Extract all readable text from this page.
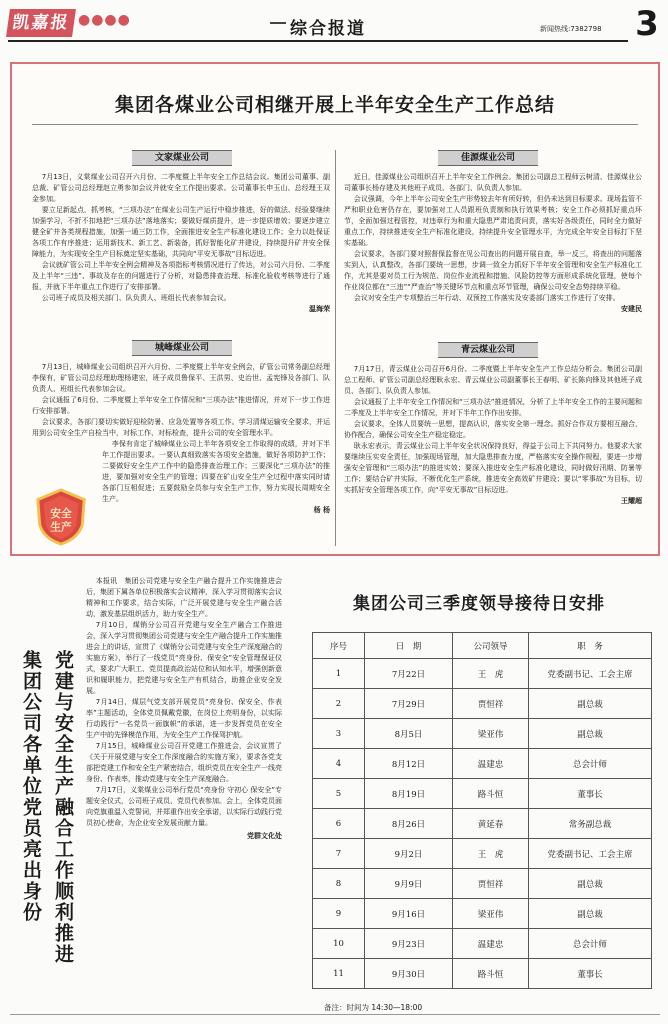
凯嘉报 ●●●●	综合报道	新闻热线:7382798 3
集团各煤业公司相继开展上半年安全生产工作总结
文家煤业公司

7月13日，义棠煤业公司召开六月份、二季度暨上半年安全工作总结会议。集团公司董事、副总裁、矿管公司总经理赵立勇参加会议并就安全工作提出要求。公司董事长申玉山、总经理王双金参加。

要立足新起点，抓考核，“三项办法”在煤业公司生产运行中稳步推进，好的做法、经验要继续加强学习，不折不扣地把“三项办法”落地落实；要做好煤质提升，进一步提质增效；要逐步建立健全矿井各类规程措施，加强一通三防工作，全面推进安全生产标准化建设工作；全力以赴保证各项工作有序推进；运用新技术、新工艺、新装备，抓好智能化矿井建设，持续提升矿井安全保障能力，为实现安全生产目标奠定坚实基础，共同向“平安无事故”目标迈进。

会议就矿管公司上半年安全例会精神及各项指标考核情况进行了传达，对公司六月份、二季度及上半年“三违”、事故及存在的问题进行了分析，对隐患排查治理、标准化验收考核等进行了通报，并就下半年重点工作进行了安排部署。

公司班子成员及相关部门、队负责人、班组长代表参加会议。

温海荣
城峰煤业公司

7月13日，城峰煤业公司组织召开六月份、二季度暨上半年安全例会，矿管公司常务副总经理李保有，矿管公司总经理助理杨建宏，班子成员鲁保平、王洪男、史治世、孟宪锋及各部门、队负责人、班组长代表参加会议。

会议通报了6月份、二季度暨上半年安全工作情况和“三项办法”推进情况，并对下一步工作进行安排部署。

会议要求，各部门要切实做好迎检防暑、应急处置等各项工作。学习清煤运输安全要求，并运用到公司安全生产自检当中，对标工作、对标检查，提升公司的安全管理水平。

李保有肯定了城峰煤业公司上半年各项安全工作取得的成绩，并对下半年工作提出要求。一要认真细致落实各项安全措施，做好各项防护工作；二要做好安全生产工作中的隐患排查治理工作；三要深化“三项办法”的推进，要加强对安全生产的管理；四要在矿山安全生产全过程中落实同时请各部门互相促进；五要鼓励全员参与安全生产工作，努力实现长周期安全生产。

杨 杨
佳源煤业公司

近日，佳源煤业公司组织召开上半年安全工作例会。集团公司副总工程师云树清、佳源煤业公司董事长杨存建及其他班子成员、各部门、队负责人参加。

会议强调，今年上半年公司安全生产形势较去年有所好转，但仍未达到目标要求。现场监管不严和职业危害仍存在，要加强对工人员跟班负责制和执行效果考核；安全工作必须抓好重点环节，全面加强过程管控，对违章行为和重大隐患严肃追责问责，落实好各级责任，同时全力做好重点工作，持续推进安全生产标准化建设，持续提升安全管理水平，为完成全年安全目标打下坚实基础。

会议要求，各部门要对照督保监督在见公司查出的问题开展自查，举一反三，将查出的问题落实到人，认真整改，各部门要统一思想，步调一致全力抓好下半年安全管理和安全生产标准化工作，尤其是要对员工行为规范、岗位作业流程和措施、风险防控等方面形成系统化管理，使每个作业岗位都在“三违”“严查治”等关键环节点和重点环节管理，确保公司安全态势持续平稳。

会议对安全生产专项整治三年行动、双预控工作落实及安委部门落实工作进行了安排。

安建民
青云煤业公司

7月17日，青云煤业公司召开6月份、二季度暨上半年安全生产工作总结分析会。集团公司副总工程师、矿管公司副总经理耿永宏、青云煤业公司副董事长王春明、矿长陈向锋及其他班子成员、各部门、队负责人参加。

会议通报了上半年安全工作情况和“三项办法”推进情况，分析了上半年安全工作的主要问题和二季度及上半年安全工作情况，并对下半年工作作出安排。

会议要求，全体人员要统一思想，提高认识，落实安全第一理念。抓好合作双方要相互融合，协作配合，确保公司安全生产稳定稳定。

耿永宏表示，青云煤业公司上半年安全状况保持良好，得益于公司上下共同努力。他要求大家要继续压实安全责任，加强现场管理，加大隐患排查力度，严格落实安全操作规程，要进一步增强安全管理和“三项办法”的推进实效；要深入推进安全生产标准化建设，同时做好汛期、防暑等工作；要结合矿井实际，不断优化生产系统，推进安全高效矿井建设；要以“零事故”为目标，切实抓好安全管理各项工作，向“平安无事故”目标迈进。

王耀超
安全
生产
党建与安全生产融合工作顺利推进
集团公司各单位党员亮出身份

本报讯　集团公司党建与安全生产融合提升工作实施推进会后，集团下属各单位积极落实会议精神，深入学习贯彻落实会议精神和工作要求，结合实际，广泛开展党建与安全生产融合活动，激发基层组织活力，助力安全生产。

7月10日，煤销分公司召开党建与安全生产融合工作推进会，深入学习贯彻集团公司党建与安全生产融合提升工作实施推进会上的讲话，宣贯了《煤销分公司党建与安全生产深度融合的实施方案》，举行了一线党员“亮身份、保安全”安全管理保证仪式，要求广大职工、党员提高政治站位和认知水平，增强创新意识和履职能力，把党建与安全生产有机结合，助推企业安全发展。

7月14日，煤层气党支部开展党员“亮身份、保安全、作表率”主题活动，全体党员佩戴党徽，在岗位上亮明身份，以实际行动践行“一名党员一面旗帜”的承诺，进一步发挥党员在安全生产中的先锋模范作用，为安全生产工作保驾护航。

7月15日，城峰煤业公司召开党建工作推进会，会议宣贯了《关于开展党建与安全工作深度融合的实施方案》，要求各党支部把党建工作和安全生产紧密结合，组织党员在安全生产一线亮身份、作表率，推动党建与安全生产深度融合。

7月17日，义棠煤业公司举行党员“亮身份 守初心 保安全”专题安全仪式，公司班子成员、党员代表参加。会上，全体党员面向党旗重温入党誓词，并郑重作出安全承诺，以实际行动践行党员初心使命，为企业安全发展贡献力量。

党群文化处
集团公司三季度领导接待日安排
序号	日　期	公司领导	职　务
1	7月22日	王　虎	党委副书记、工会主席
2	7月29日	贾恒祥	副总裁
3	8月5日	梁亚伟	副总裁
4	8月12日	温建忠	总会计师
5	8月19日	路斗恒	董事长
6	8月26日	黄延春	常务副总裁
7	9月2日	王　虎	党委副书记、工会主席
8	9月9日	贾恒祥	副总裁
9	9月16日	梁亚伟	副总裁
10	9月23日	温建忠	总会计师
11	9月30日	路斗恒	董事长
备注：时间为 14:30—18:00
